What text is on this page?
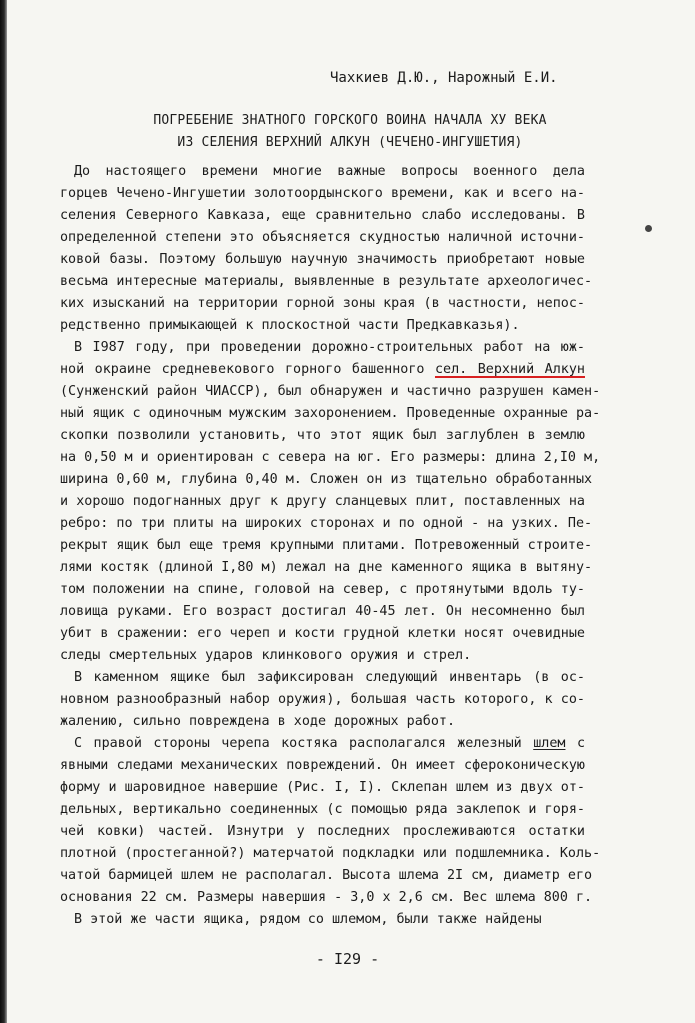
Чахкиев Д.Ю., Нарожный Е.И.
ПОГРЕБЕНИЕ ЗНАТНОГО ГОРСКОГО ВОИНА НАЧАЛА ХУ ВЕКА
ИЗ СЕЛЕНИЯ ВЕРХНИЙ АЛКУН (ЧЕЧЕНО-ИНГУШЕТИЯ)
До настоящего времени многие важные вопросы военного дела
горцев Чечено-Ингушетии золотоордынского времени, как и всего на-
селения Северного Кавказа, еще сравнительно слабо исследованы. В
определенной степени это объясняется скудностью наличной источни-
ковой базы. Поэтому большую научную значимость приобретают новые
весьма интересные материалы, выявленные в результате археологичес-
ких изысканий на территории горной зоны края (в частности, непос-
редственно примыкающей к плоскостной части Предкавказья).
В I987 году, при проведении дорожно-строительных работ на юж-
ной окраине средневекового горного башенного сел. Верхний Алкун
(Сунженский район ЧИАССР), был обнаружен и частично разрушен камен-
ный ящик с одиночным мужским захоронением. Проведенные охранные ра-
скопки позволили установить, что этот ящик был заглублен в землю
на 0,50 м и ориентирован с севера на юг. Его размеры: длина 2,I0 м,
ширина 0,60 м, глубина 0,40 м. Сложен он из тщательно обработанных
и хорошо подогнанных друг к другу сланцевых плит, поставленных на
ребро: по три плиты на широких сторонах и по одной - на узких. Пе-
рекрыт ящик был еще тремя крупными плитами. Потревоженный строите-
лями костяк (длиной I,80 м) лежал на дне каменного ящика в вытяну-
том положении на спине, головой на север, с протянутыми вдоль ту-
ловища руками. Его возраст достигал 40-45 лет. Он несомненно был
убит в сражении: его череп и кости грудной клетки носят очевидные
следы смертельных ударов клинкового оружия и стрел.
В каменном ящике был зафиксирован следующий инвентарь (в ос-
новном разнообразный набор оружия), большая часть которого, к со-
жалению, сильно повреждена в ходе дорожных работ.
С правой стороны черепа костяка располагался железный шлем с
явными следами механических повреждений. Он имеет сфероконическую
форму и шаровидное навершие (Рис. I, I). Склепан шлем из двух от-
дельных, вертикально соединенных (с помощью ряда заклепок и горя-
чей ковки) частей. Изнутри у последних прослеживаются остатки
плотной (простеганной?) матерчатой подкладки или подшлемника. Коль-
чатой бармицей шлем не располагал. Высота шлема 2I см, диаметр его
основания 22 см. Размеры навершия - 3,0 х 2,6 см. Вес шлема 800 г.
В этой же части ящика, рядом со шлемом, были также найдены
- I29 -
